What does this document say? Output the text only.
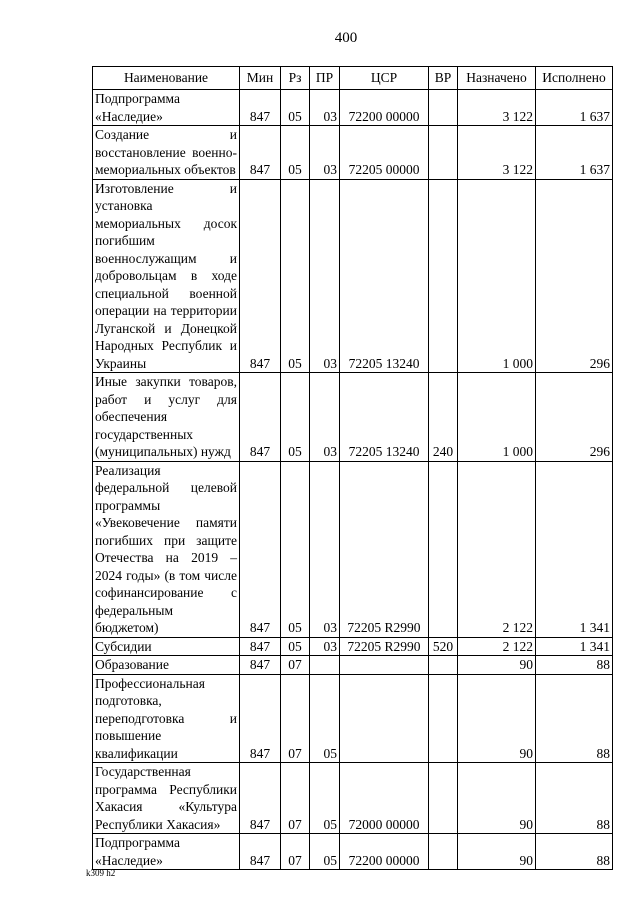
400
Наименование	Мин	Рз	ПР	ЦСР	ВР	Назначено	Исполнено
Подпрограмма «Наследие»	847	05	03	72200 00000		3 122	1 637
Создание и восстановление военно-мемориальных объектов	847	05	03	72205 00000		3 122	1 637
Изготовление и установка мемориальных досок погибшим военнослужащим и добровольцам в ходе специальной военной операции на территории Луганской и Донецкой Народных Республик и Украины	847	05	03	72205 13240		1 000	296
Иные закупки товаров, работ и услуг для обеспечения государственных (муниципальных) нужд	847	05	03	72205 13240	240	1 000	296
Реализация федеральной целевой программы «Увековечение памяти погибших при защите Отечества на 2019 – 2024 годы» (в том числе софинансирование с федеральным бюджетом)	847	05	03	72205 R2990		2 122	1 341
Субсидии	847	05	03	72205 R2990	520	2 122	1 341
Образование	847	07				90	88
Профессиональная подготовка, переподготовка и повышение квалификации	847	07	05			90	88
Государственная программа Республики Хакасия «Культура Республики Хакасия»	847	07	05	72000 00000		90	88
Подпрограмма «Наследие»	847	07	05	72200 00000		90	88
k309 h2
